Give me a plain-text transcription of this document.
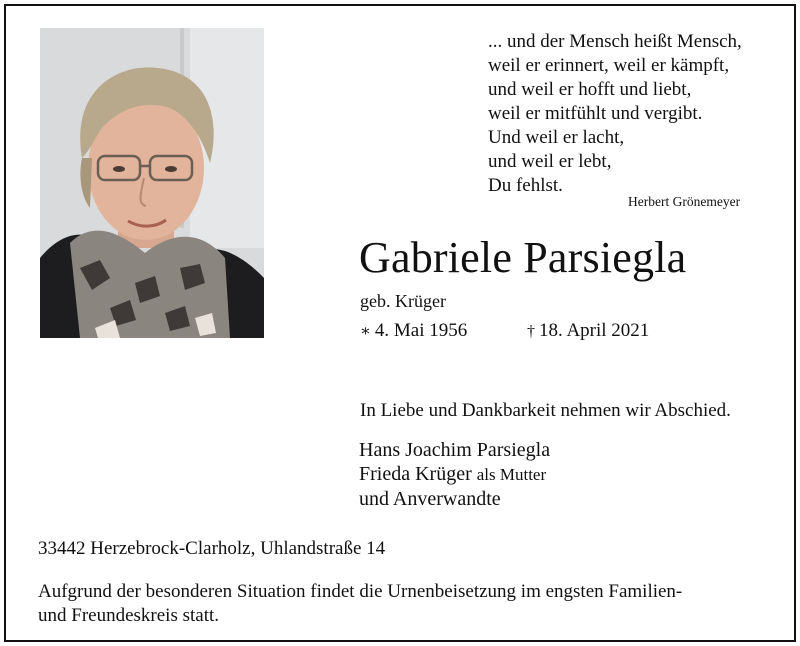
... und der Mensch heißt Mensch,
weil er erinnert, weil er kämpft,
und weil er hofft und liebt,
weil er mitfühlt und vergibt.
Und weil er lacht,
und weil er lebt,
Du fehlst.
Herbert Grönemeyer
Gabriele Parsiegla
geb. Krüger
∗ 4. Mai 1956	† 18. April 2021
In Liebe und Dankbarkeit nehmen wir Abschied.
Hans Joachim Parsiegla
Frieda Krüger als Mutter
und Anverwandte
33442 Herzebrock-Clarholz, Uhlandstraße 14
Aufgrund der besonderen Situation findet die Urnenbeisetzung im engsten Familien-
und Freundeskreis statt.
